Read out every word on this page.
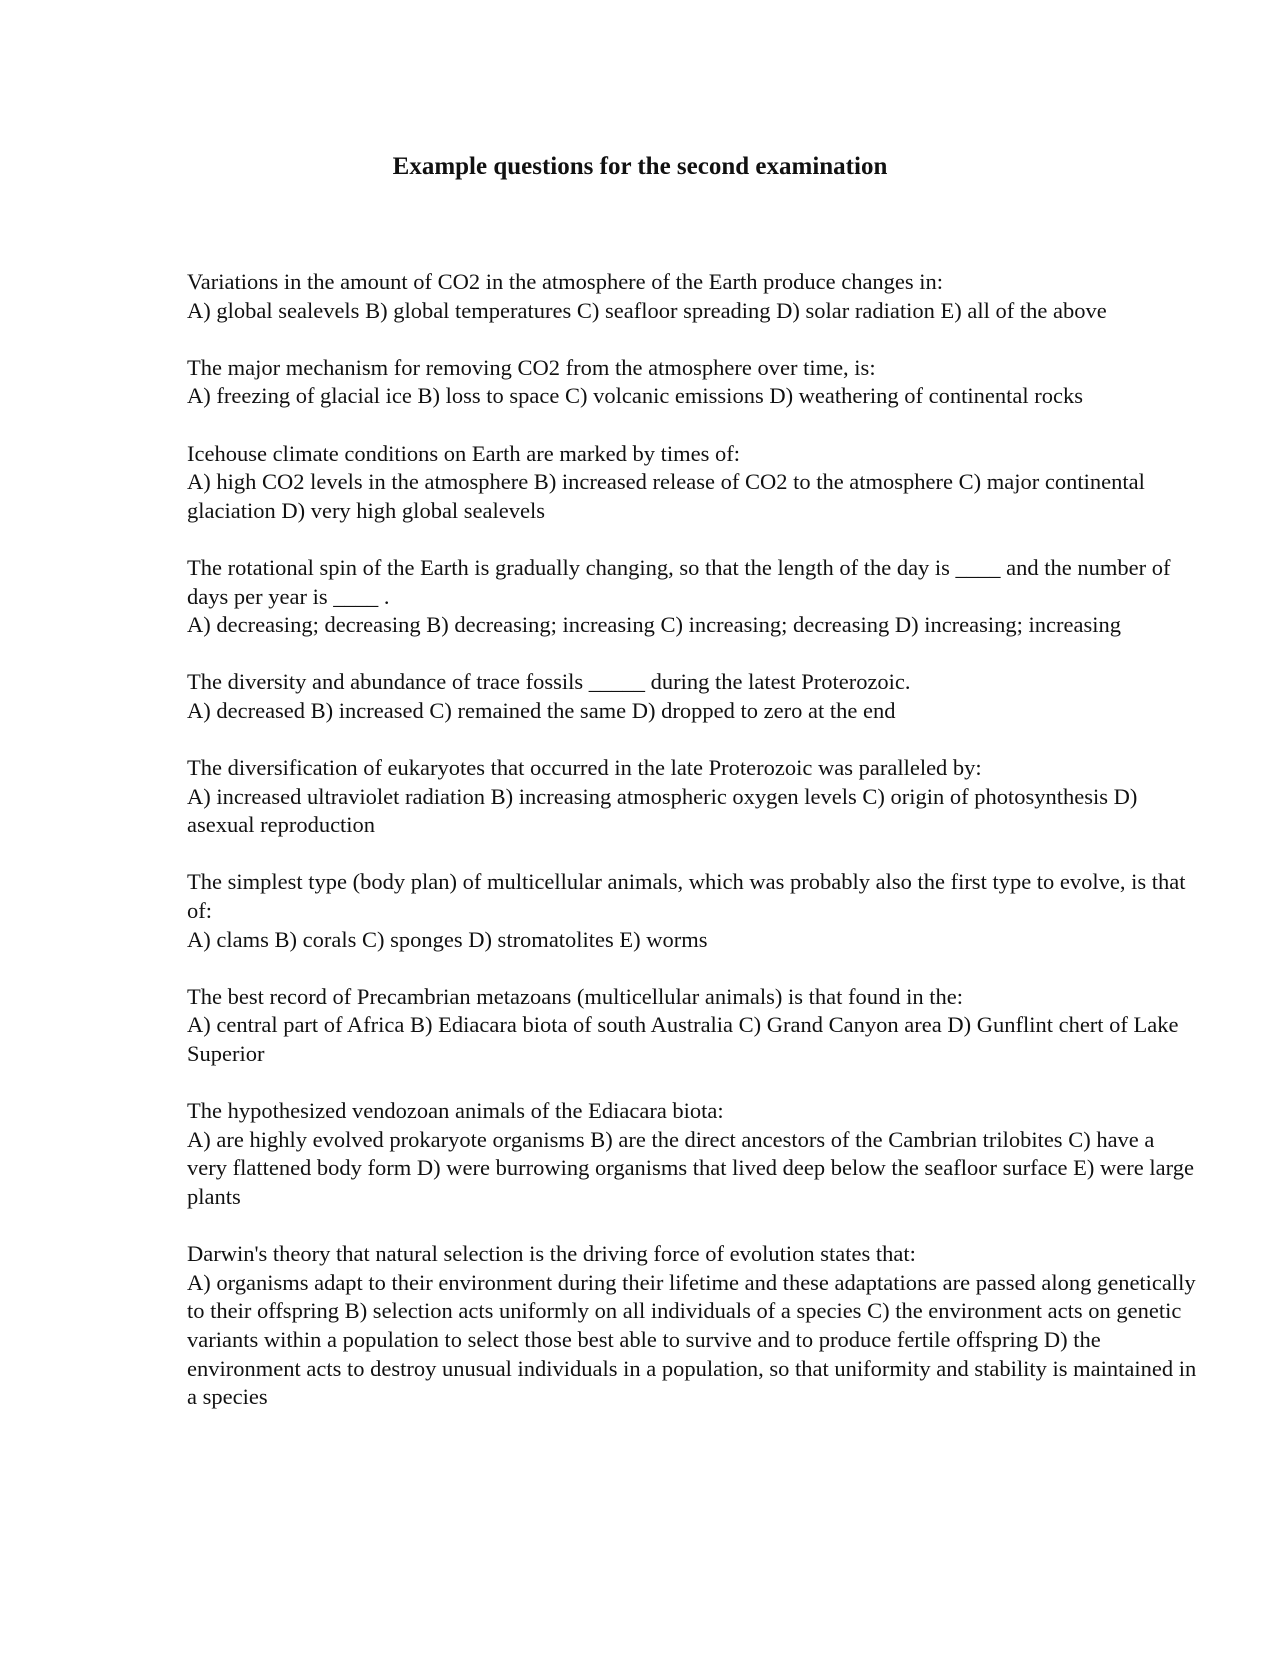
Example questions for the second examination

Variations in the amount of CO2 in the atmosphere of the Earth produce changes in:

A) global sealevels B) global temperatures C) seafloor spreading D) solar radiation E) all of the above

The major mechanism for removing CO2 from the atmosphere over time, is:

A) freezing of glacial ice B) loss to space C) volcanic emissions D) weathering of continental rocks

Icehouse climate conditions on Earth are marked by times of:

A) high CO2 levels in the atmosphere B) increased release of CO2 to the atmosphere C) major continental glaciation D) very high global sealevels

The rotational spin of the Earth is gradually changing, so that the length of the day is ____ and the number of days per year is ____ .

A) decreasing; decreasing B) decreasing; increasing C) increasing; decreasing D) increasing; increasing

The diversity and abundance of trace fossils _____ during the latest Proterozoic.

A) decreased B) increased C) remained the same D) dropped to zero at the end

The diversification of eukaryotes that occurred in the late Proterozoic was paralleled by:

A) increased ultraviolet radiation B) increasing atmospheric oxygen levels C) origin of photosynthesis D) asexual reproduction

The simplest type (body plan) of multicellular animals, which was probably also the first type to evolve, is that of:

A) clams B) corals C) sponges D) stromatolites E) worms

The best record of Precambrian metazoans (multicellular animals) is that found in the:

A) central part of Africa B) Ediacara biota of south Australia C) Grand Canyon area D) Gunflint chert of Lake Superior

The hypothesized vendozoan animals of the Ediacara biota:

A) are highly evolved prokaryote organisms B) are the direct ancestors of the Cambrian trilobites C) have a very flattened body form D) were burrowing organisms that lived deep below the seafloor surface E) were large plants

Darwin's theory that natural selection is the driving force of evolution states that:

A) organisms adapt to their environment during their lifetime and these adaptations are passed along genetically to their offspring B) selection acts uniformly on all individuals of a species C) the environment acts on genetic variants within a population to select those best able to survive and to produce fertile offspring D) the environment acts to destroy unusual individuals in a population, so that uniformity and stability is maintained in a species
